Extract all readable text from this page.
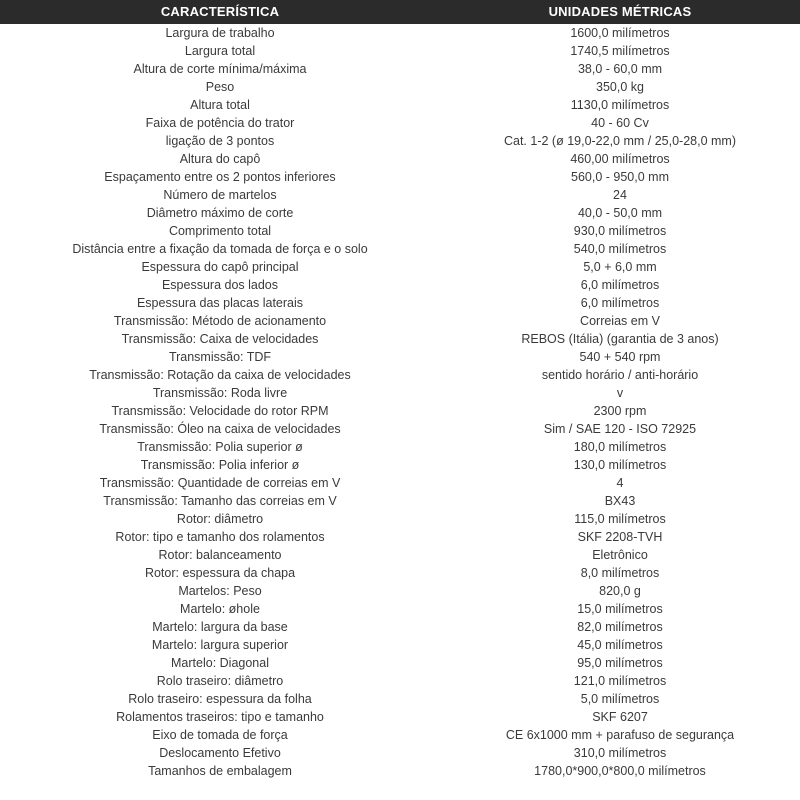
CARACTERÍSTICA	UNIDADES MÉTRICAS
Largura de trabalho	1600,0 milímetros
Largura total	1740,5 milímetros
Altura de corte mínima/máxima	38,0 - 60,0 mm
Peso	350,0 kg
Altura total	1130,0 milímetros
Faixa de potência do trator	40 - 60 Cv
ligação de 3 pontos	Cat. 1-2 (ø 19,0-22,0 mm / 25,0-28,0 mm)
Altura do capô	460,00 milímetros
Espaçamento entre os 2 pontos inferiores	560,0 - 950,0 mm
Número de martelos	24
Diâmetro máximo de corte	40,0 - 50,0 mm
Comprimento total	930,0 milímetros
Distância entre a fixação da tomada de força e o solo	540,0 milímetros
Espessura do capô principal	5,0 + 6,0 mm
Espessura dos lados	6,0 milímetros
Espessura das placas laterais	6,0 milímetros
Transmissão: Método de acionamento	Correias em V
Transmissão: Caixa de velocidades	REBOS (Itália) (garantia de 3 anos)
Transmissão: TDF	540 + 540 rpm
Transmissão: Rotação da caixa de velocidades	sentido horário / anti-horário
Transmissão: Roda livre	v
Transmissão: Velocidade do rotor RPM	2300 rpm
Transmissão: Óleo na caixa de velocidades	Sim / SAE 120 - ISO 72925
Transmissão: Polia superior ø	180,0 milímetros
Transmissão: Polia inferior ø	130,0 milímetros
Transmissão: Quantidade de correias em V	4
Transmissão: Tamanho das correias em V	BX43
Rotor: diâmetro	115,0 milímetros
Rotor: tipo e tamanho dos rolamentos	SKF 2208-TVH
Rotor: balanceamento	Eletrônico
Rotor: espessura da chapa	8,0 milímetros
Martelos: Peso	820,0 g
Martelo: øhole	15,0 milímetros
Martelo: largura da base	82,0 milímetros
Martelo: largura superior	45,0 milímetros
Martelo: Diagonal	95,0 milímetros
Rolo traseiro: diâmetro	121,0 milímetros
Rolo traseiro: espessura da folha	5,0 milímetros
Rolamentos traseiros: tipo e tamanho	SKF 6207
Eixo de tomada de força	CE 6x1000 mm + parafuso de segurança
Deslocamento Efetivo	310,0 milímetros
Tamanhos de embalagem	1780,0*900,0*800,0 milímetros
